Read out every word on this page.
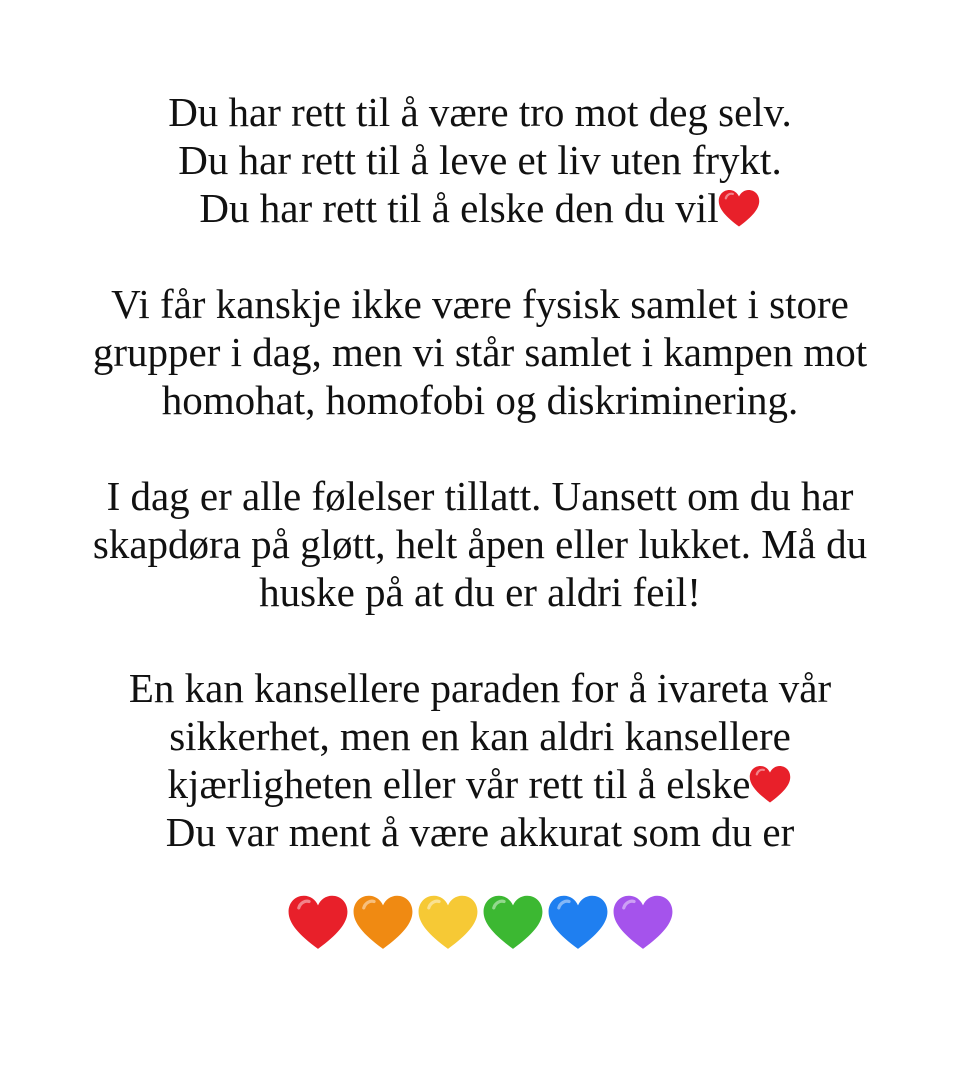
Du har rett til å være tro mot deg selv.
Du har rett til å leve et liv uten frykt.
Du har rett til å elske den du vil

Vi får kanskje ikke være fysisk samlet i store
grupper i dag, men vi står samlet i kampen mot
homohat, homofobi og diskriminering.

I dag er alle følelser tillatt. Uansett om du har
skapdøra på gløtt, helt åpen eller lukket. Må du
huske på at du er aldri feil!

En kan kansellere paraden for å ivareta vår
sikkerhet, men en kan aldri kansellere
kjærligheten eller vår rett til å elske
Du var ment å være akkurat som du er
